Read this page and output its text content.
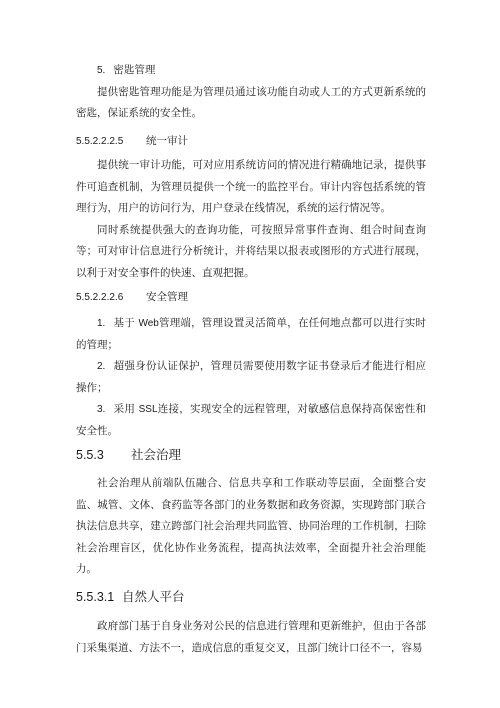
5. 密匙管理

提供密匙管理功能是为管理员通过该功能自动或人工的方式更新系统的密匙，保证系统的安全性。

5.5.2.2.2.5 统一审计

提供统一审计功能，可对应用系统访问的情况进行精确地记录，提供事件可追查机制，为管理员提供一个统一的监控平台。审计内容包括系统的管理行为，用户的访问行为，用户登录在线情况，系统的运行情况等。

同时系统提供强大的查询功能，可按照异常事件查询、组合时间查询等；可对审计信息进行分析统计，并将结果以报表或图形的方式进行展现，以利于对安全事件的快速、直观把握。

5.5.2.2.2.6 安全管理

1. 基于 Web管理端，管理设置灵活简单，在任何地点都可以进行实时的管理；

2. 超强身份认证保护，管理员需要使用数字证书登录后才能进行相应操作；

3. 采用 SSL连接，实现安全的远程管理，对敏感信息保持高保密性和安全性。

5.5.3 社会治理

社会治理从前端队伍融合、信息共享和工作联动等层面，全面整合安监、城管、文体、食药监等各部门的业务数据和政务资源，实现跨部门联合执法信息共享，建立跨部门社会治理共同监管、协同治理的工作机制，扫除社会治理盲区，优化协作业务流程，提高执法效率，全面提升社会治理能力。

5.5.3.1 自然人平台

政府部门基于自身业务对公民的信息进行管理和更新维护，但由于各部门采集渠道、方法不一，造成信息的重复交叉，且部门统计口径不一，容易
